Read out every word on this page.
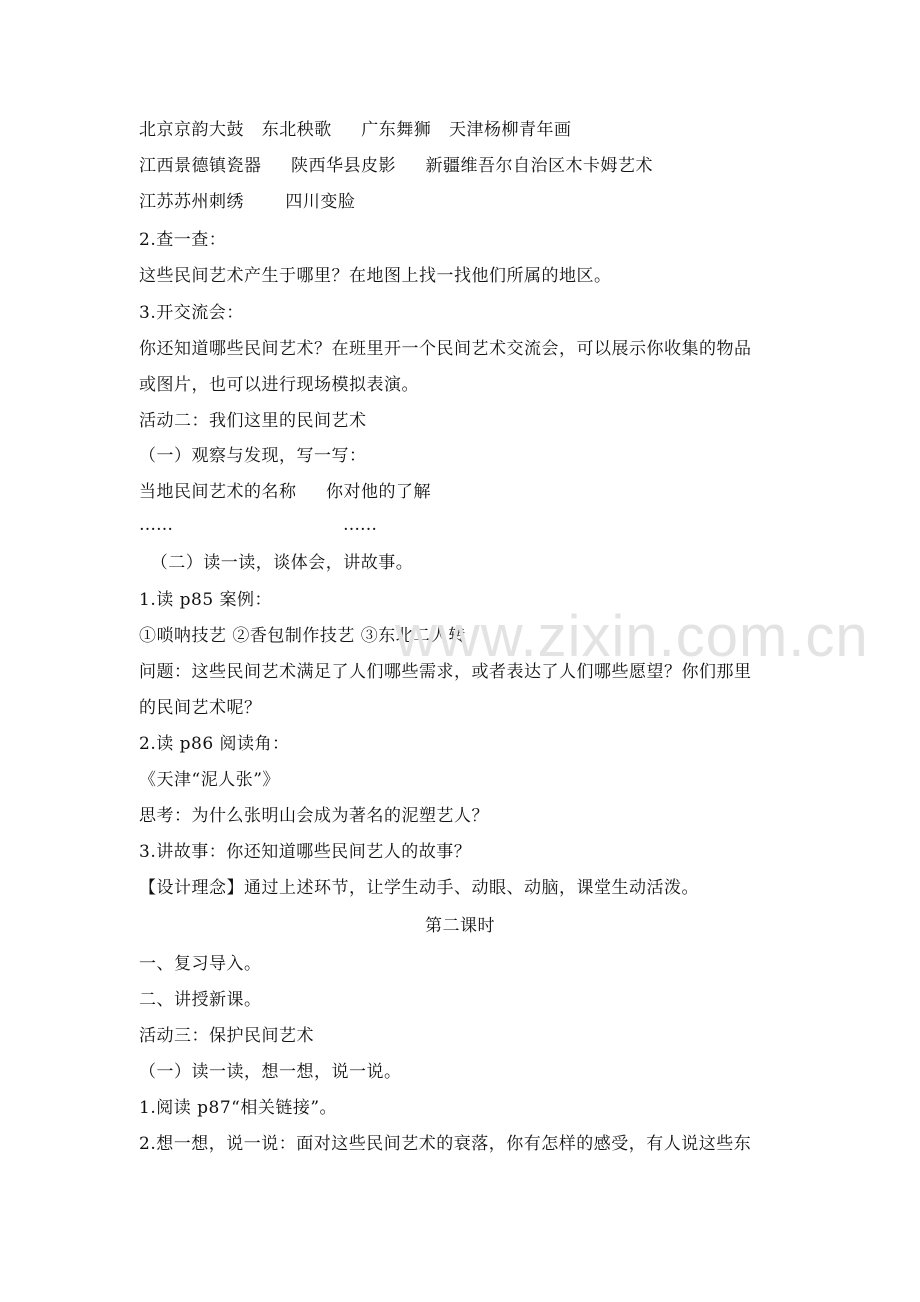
北京京韵大鼓   东北秧歌     广东舞狮   天津杨柳青年画
江西景德镇瓷器     陕西华县皮影     新疆维吾尔自治区木卡姆艺术
江苏苏州刺绣       四川变脸
2.查一查：
这些民间艺术产生于哪里？在地图上找一找他们所属的地区。
3.开交流会：
你还知道哪些民间艺术？在班里开一个民间艺术交流会，可以展示你收集的物品
或图片，也可以进行现场模拟表演。
活动二：我们这里的民间艺术
（一）观察与发现，写一写：
当地民间艺术的名称     你对他的了解
……	……
（二）读一读，谈体会，讲故事。
1.读 p85 案例：
①唢呐技艺 ②香包制作技艺 ③东北二人转
问题：这些民间艺术满足了人们哪些需求，或者表达了人们哪些愿望？你们那里
的民间艺术呢？
2.读 p86 阅读角：
《天津“泥人张”》
思考：为什么张明山会成为著名的泥塑艺人？
3.讲故事：你还知道哪些民间艺人的故事？
【设计理念】通过上述环节，让学生动手、动眼、动脑，课堂生动活泼。
第二课时
一、复习导入。
二、讲授新课。
活动三：保护民间艺术
（一）读一读，想一想，说一说。
1.阅读 p87“相关链接”。
2.想一想，说一说：面对这些民间艺术的衰落，你有怎样的感受，有人说这些东
www.zixin.com.cn
